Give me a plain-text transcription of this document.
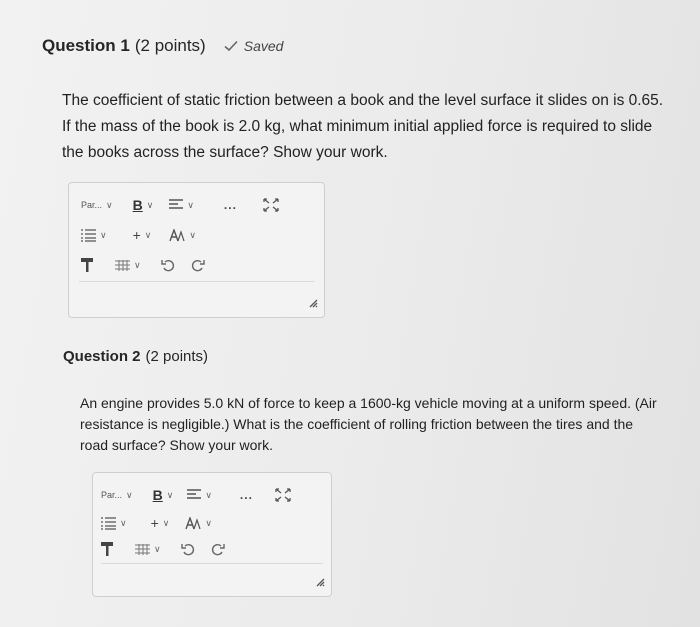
Question 1 (2 points)	Saved
The coefficient of static friction between a book and the level surface it slides on is 0.65. If the mass of the book is 2.0 kg, what minimum initial applied force is required to slide the books across the surface? Show your work.
Par... ∨ B ∨	∨	...
∨ + ∨	∨
∨
Question 2 (2 points)
An engine provides 5.0 kN of force to keep a 1600-kg vehicle moving at a uniform speed. (Air resistance is negligible.) What is the coefficient of rolling friction between the tires and the road surface? Show your work.
Par... ∨ B ∨	∨ ...
∨ + ∨	∨
∨
